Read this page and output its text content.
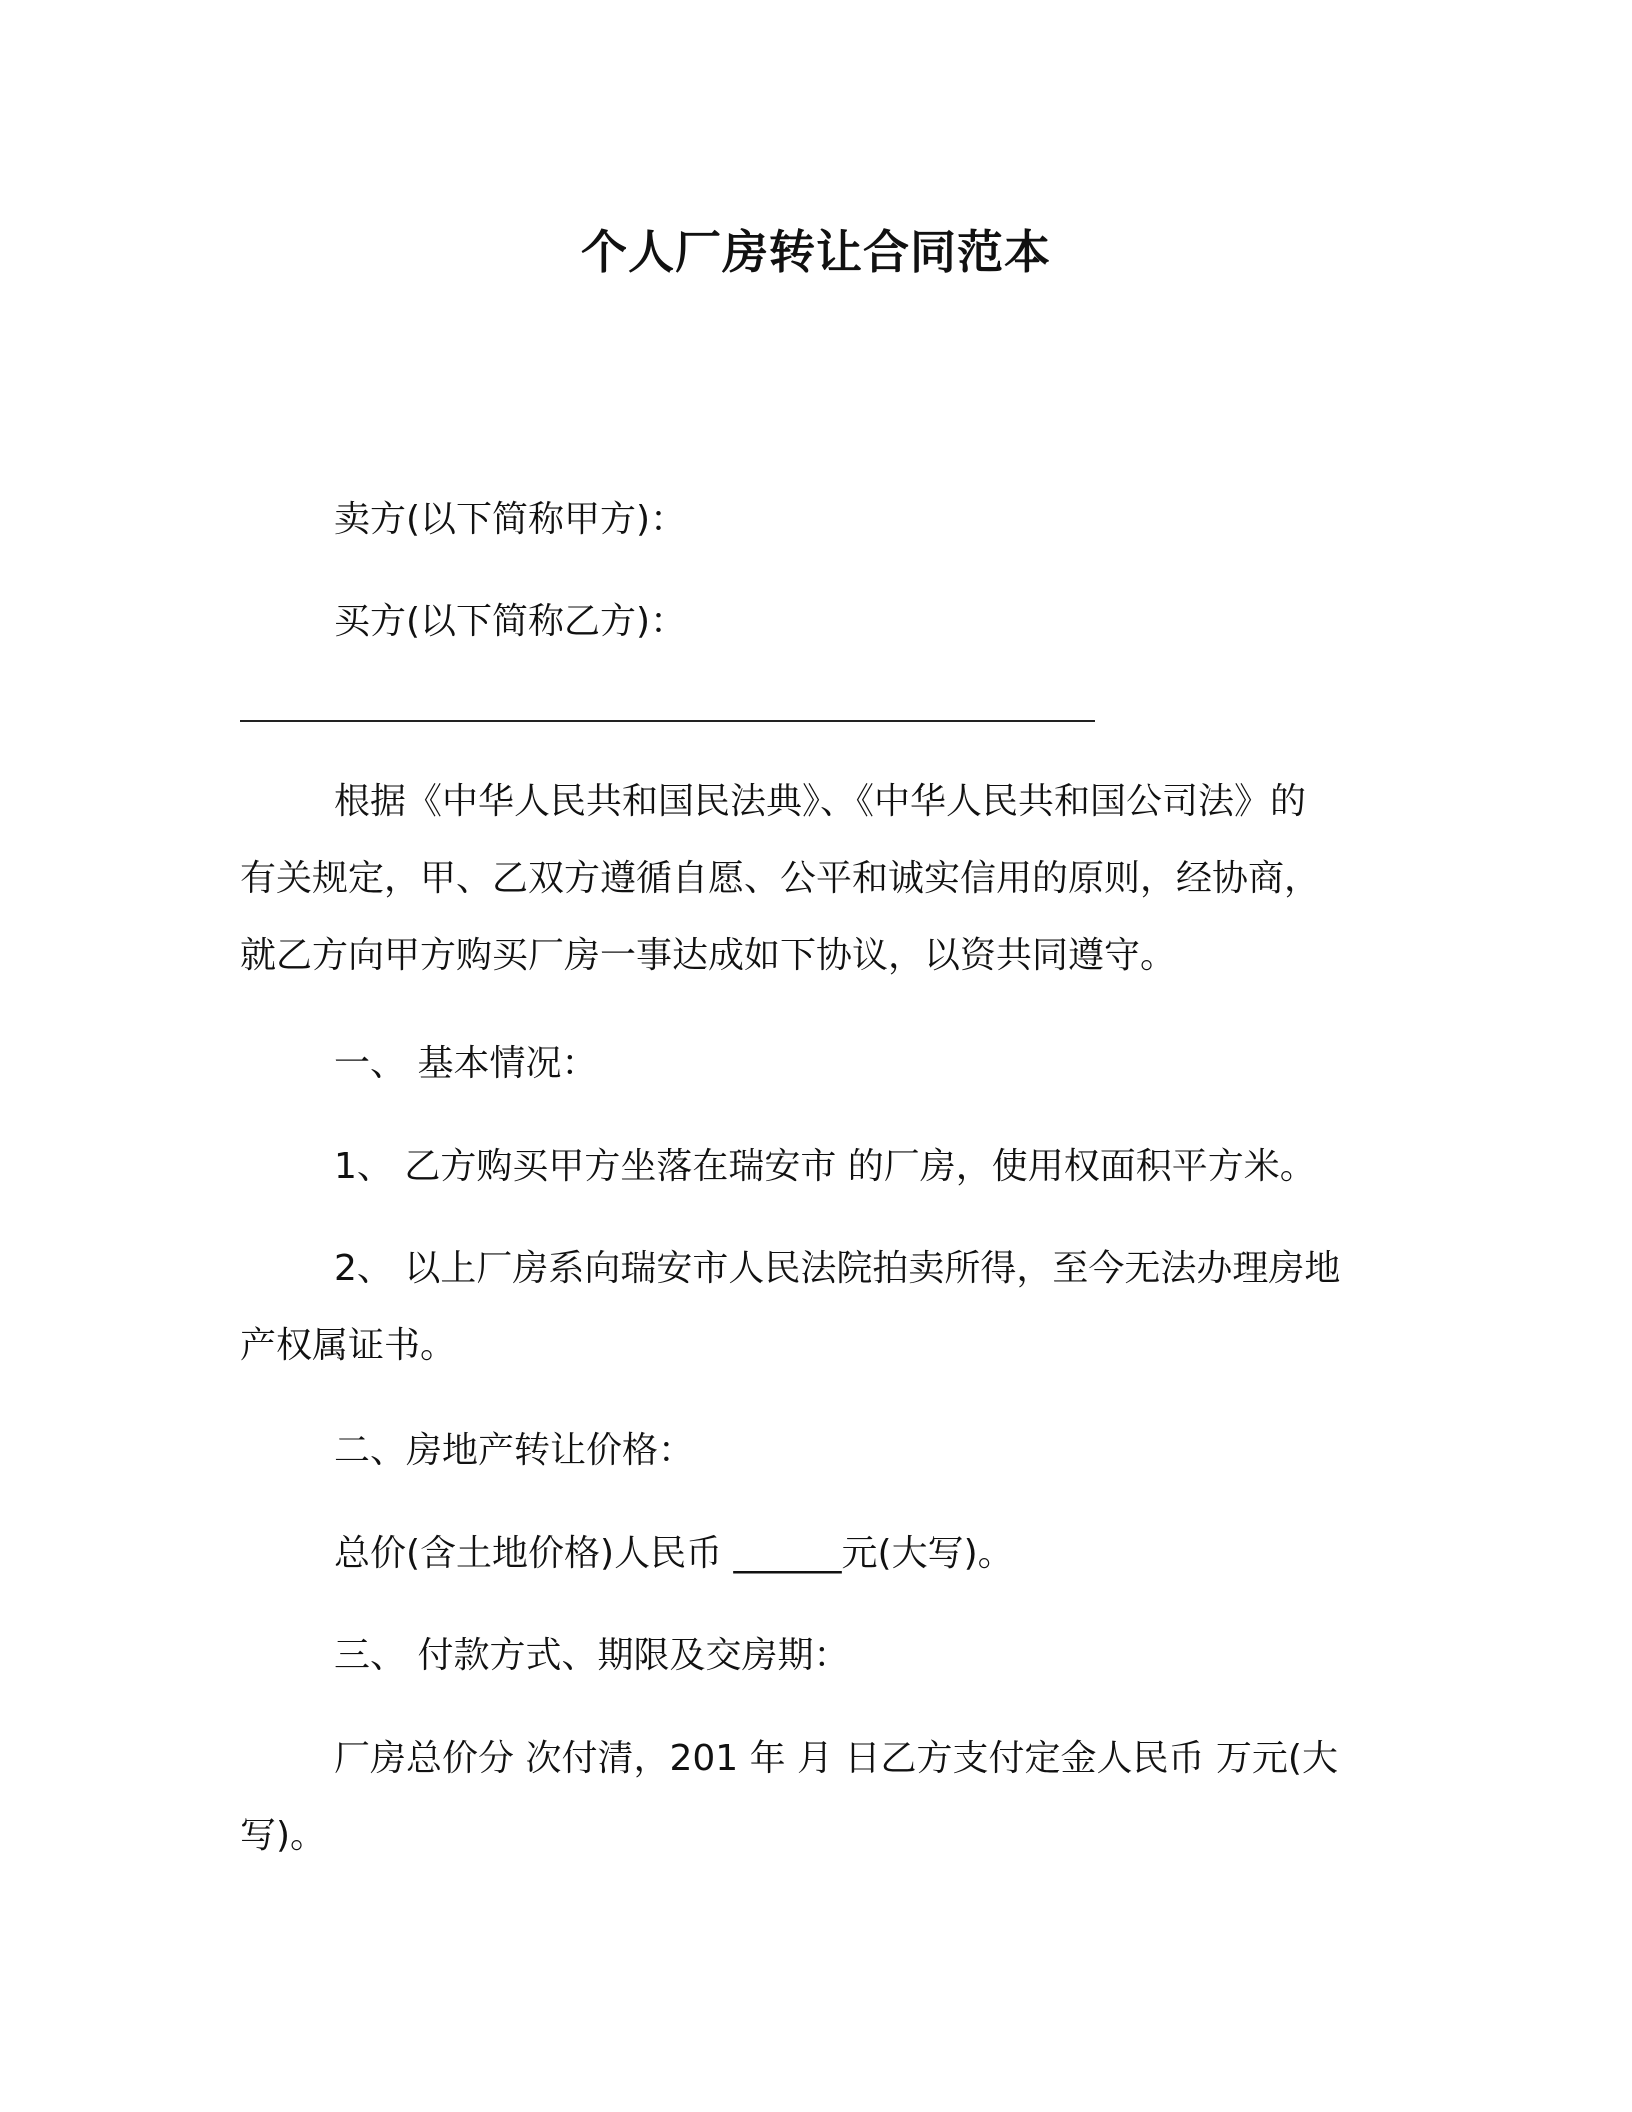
个人厂房转让合同范本
卖方(以下简称甲方)：
买方(以下简称乙方)：
根据《中华人民共和国民法典》、《中华人民共和国公司法》的
有关规定，甲、乙双方遵循自愿、公平和诚实信用的原则，经协商，
就乙方向甲方购买厂房一事达成如下协议，以资共同遵守。
一、 基本情况：
1、 乙方购买甲方坐落在瑞安市 的厂房，使用权面积平方米。
2、 以上厂房系向瑞安市人民法院拍卖所得，至今无法办理房地
产权属证书。
二、房地产转让价格：
总价(含土地价格)人民币 ______元(大写)。
三、 付款方式、期限及交房期：
厂房总价分 次付清，201 年 月 日乙方支付定金人民币 万元(大
写)。
